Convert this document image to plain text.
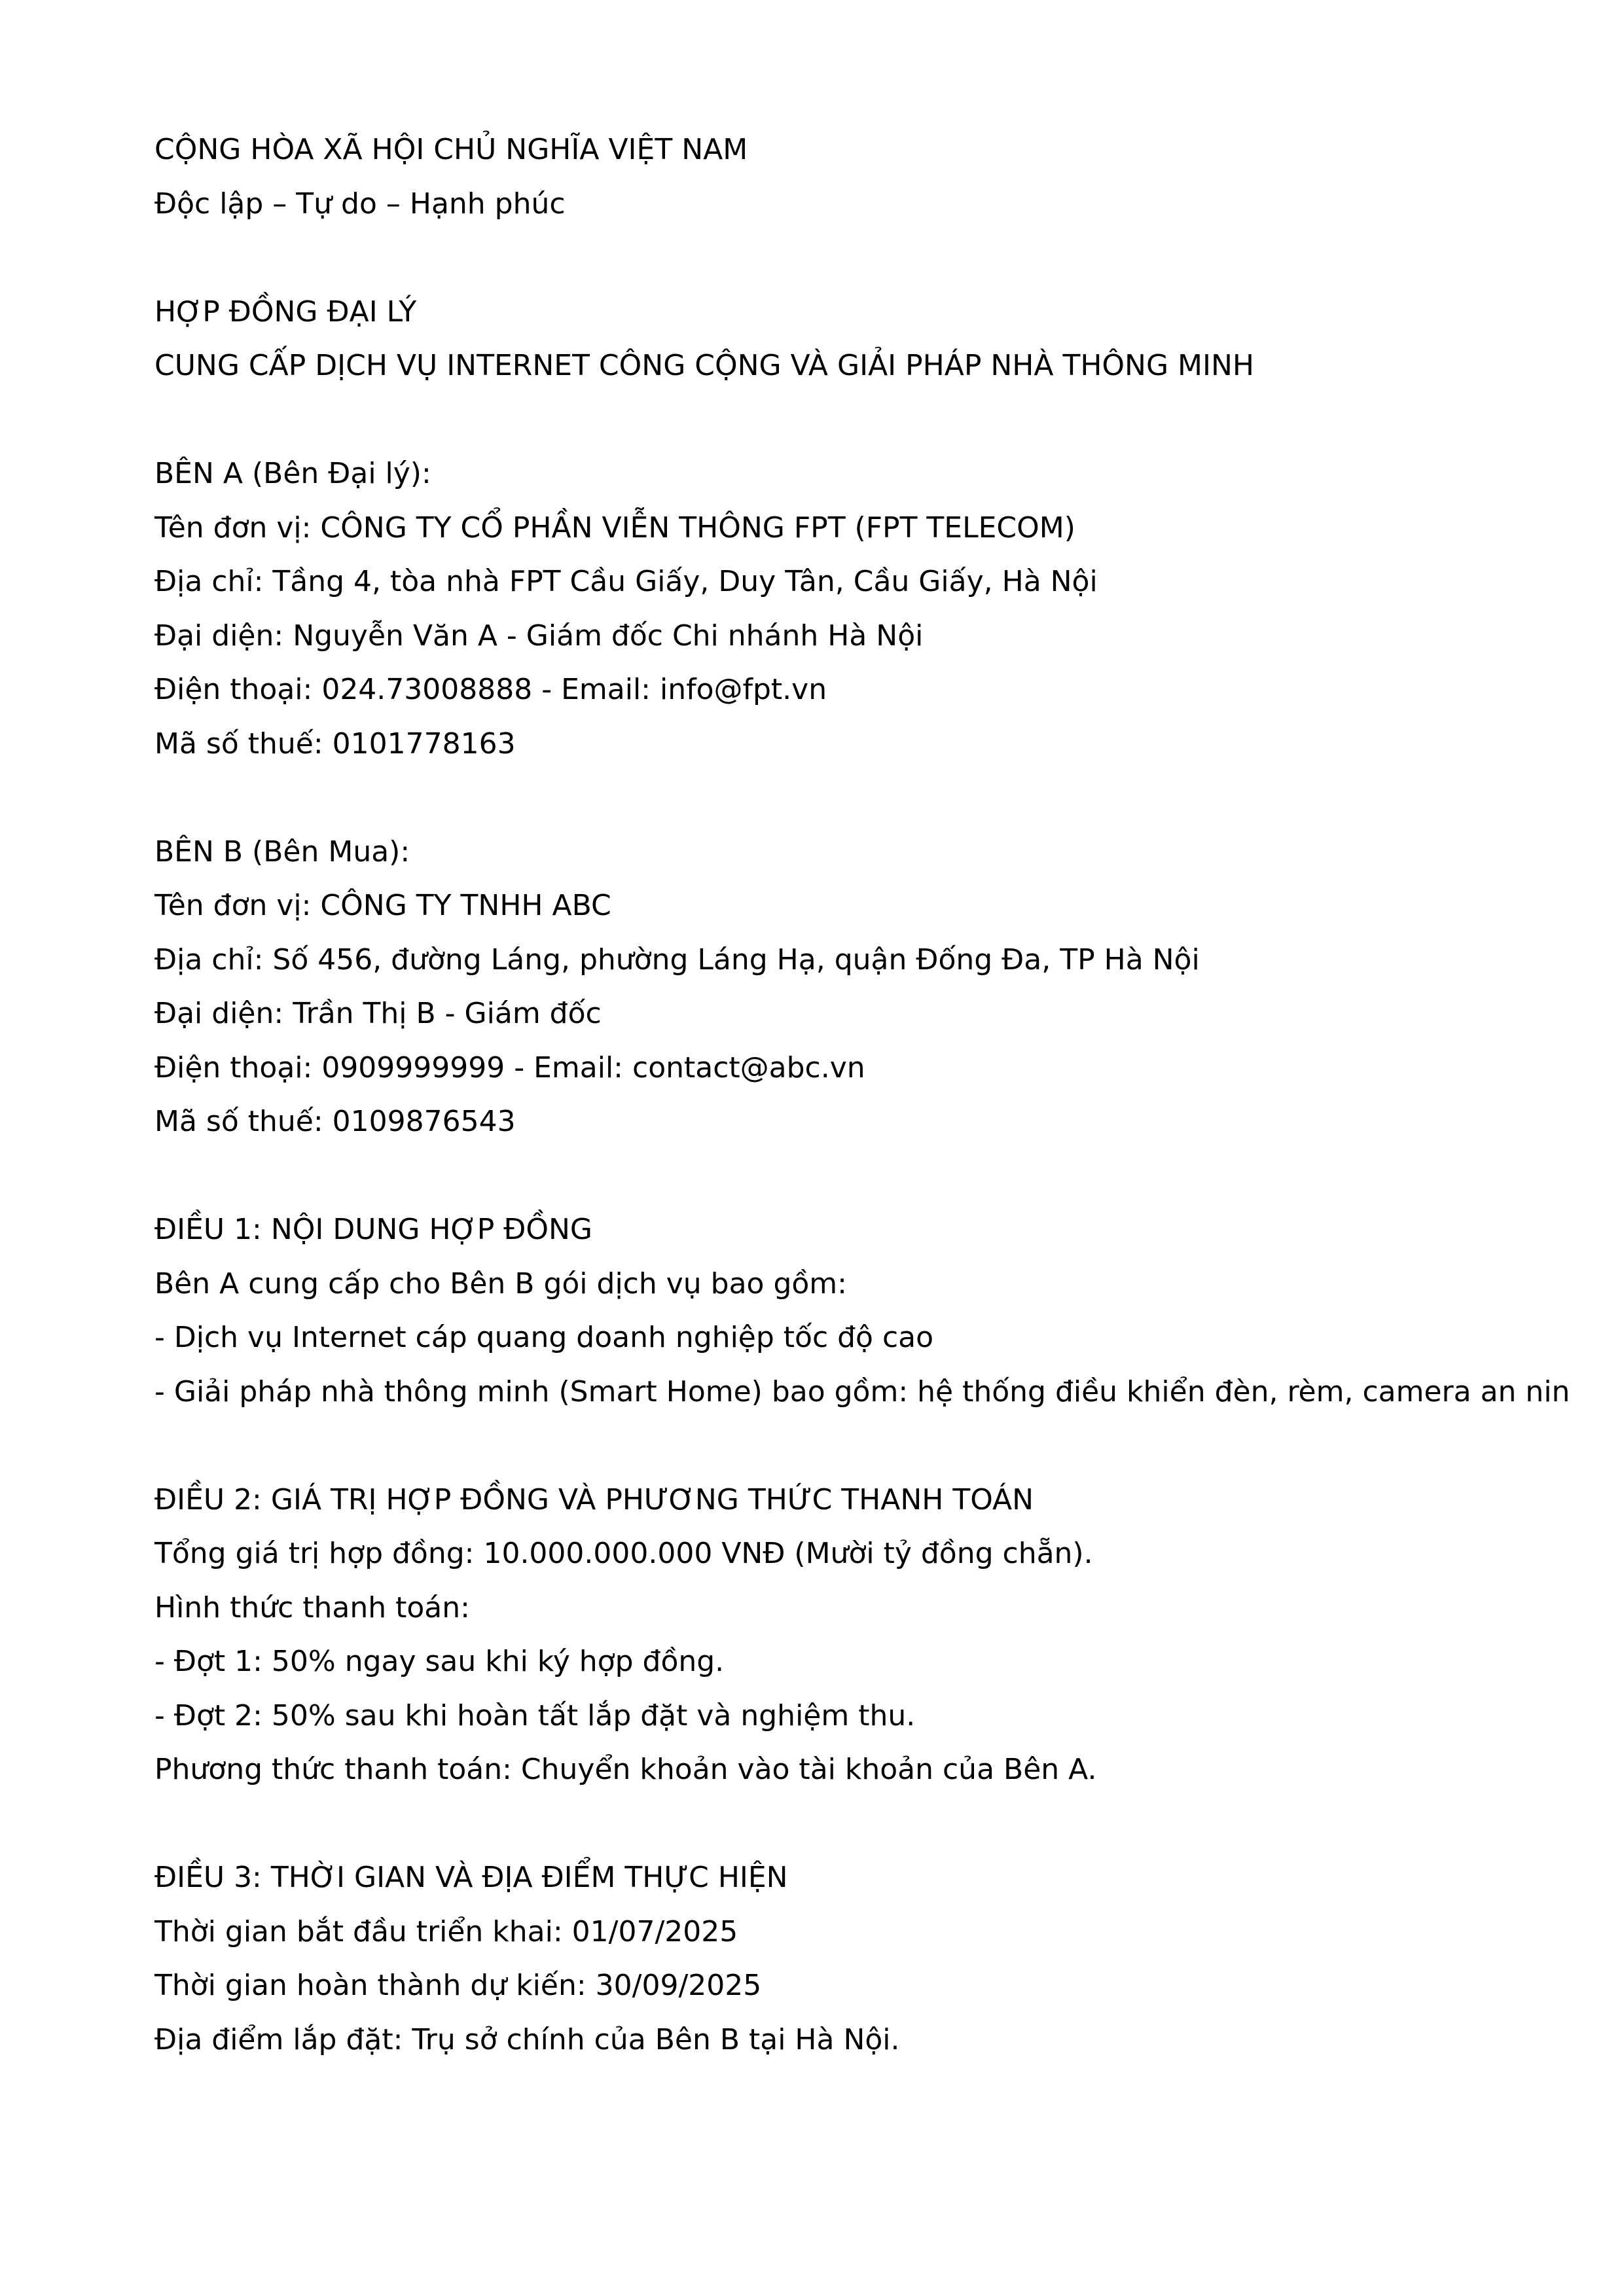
CỘNG HÒA XÃ HỘI CHỦ NGHĨA VIỆT NAM
Độc lập – Tự do – Hạnh phúc
HỢP ĐỒNG ĐẠI LÝ
CUNG CẤP DỊCH VỤ INTERNET CÔNG CỘNG VÀ GIẢI PHÁP NHÀ THÔNG MINH
BÊN A (Bên Đại lý):
Tên đơn vị: CÔNG TY CỔ PHẦN VIỄN THÔNG FPT (FPT TELECOM)
Địa chỉ: Tầng 4, tòa nhà FPT Cầu Giấy, Duy Tân, Cầu Giấy, Hà Nội
Đại diện: Nguyễn Văn A - Giám đốc Chi nhánh Hà Nội
Điện thoại: 024.73008888 - Email: info@fpt.vn
Mã số thuế: 0101778163
BÊN B (Bên Mua):
Tên đơn vị: CÔNG TY TNHH ABC
Địa chỉ: Số 456, đường Láng, phường Láng Hạ, quận Đống Đa, TP Hà Nội
Đại diện: Trần Thị B - Giám đốc
Điện thoại: 0909999999 - Email: contact@abc.vn
Mã số thuế: 0109876543
ĐIỀU 1: NỘI DUNG HỢP ĐỒNG
Bên A cung cấp cho Bên B gói dịch vụ bao gồm:
- Dịch vụ Internet cáp quang doanh nghiệp tốc độ cao
- Giải pháp nhà thông minh (Smart Home) bao gồm: hệ thống điều khiển đèn, rèm, camera an nin
ĐIỀU 2: GIÁ TRỊ HỢP ĐỒNG VÀ PHƯƠNG THỨC THANH TOÁN
Tổng giá trị hợp đồng: 10.000.000.000 VNĐ (Mười tỷ đồng chẵn).
Hình thức thanh toán:
- Đợt 1: 50% ngay sau khi ký hợp đồng.
- Đợt 2: 50% sau khi hoàn tất lắp đặt và nghiệm thu.
Phương thức thanh toán: Chuyển khoản vào tài khoản của Bên A.
ĐIỀU 3: THỜI GIAN VÀ ĐỊA ĐIỂM THỰC HIỆN
Thời gian bắt đầu triển khai: 01/07/2025
Thời gian hoàn thành dự kiến: 30/09/2025
Địa điểm lắp đặt: Trụ sở chính của Bên B tại Hà Nội.
